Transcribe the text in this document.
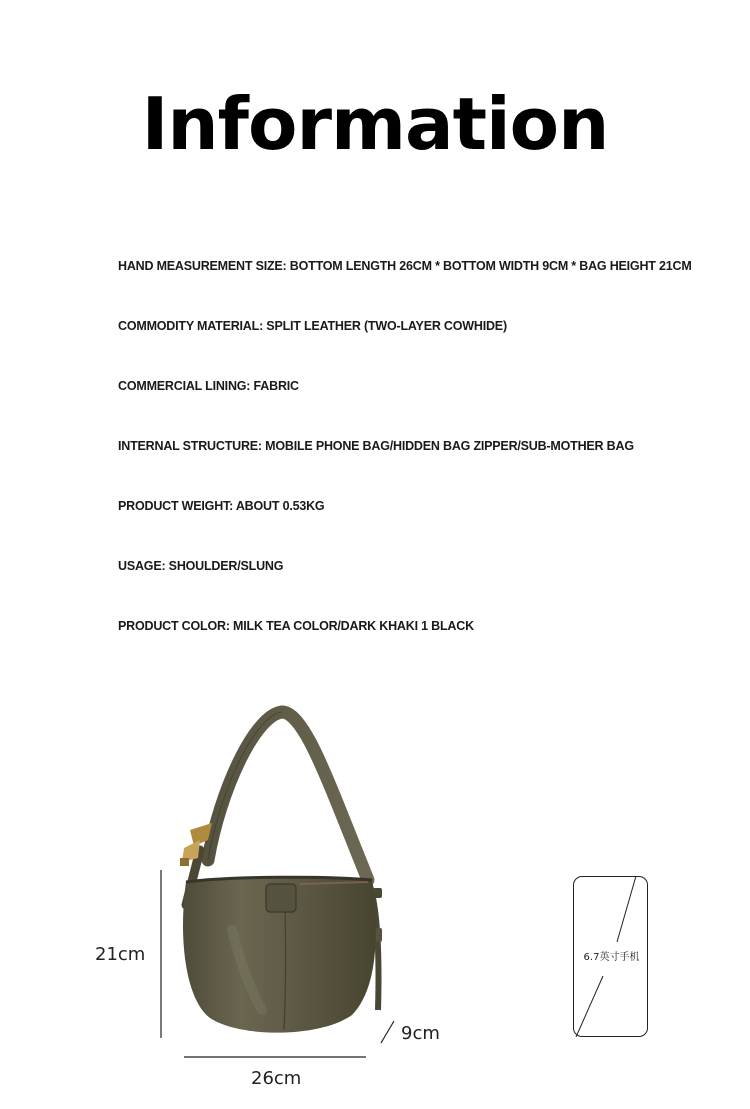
Information
HAND MEASUREMENT SIZE: BOTTOM LENGTH 26CM * BOTTOM WIDTH 9CM * BAG HEIGHT 21CM
COMMODITY MATERIAL: SPLIT LEATHER (TWO-LAYER COWHIDE)
COMMERCIAL LINING: FABRIC
INTERNAL STRUCTURE: MOBILE PHONE BAG/HIDDEN BAG ZIPPER/SUB-MOTHER BAG
PRODUCT WEIGHT: ABOUT 0.53KG
USAGE: SHOULDER/SLUNG
PRODUCT COLOR: MILK TEA COLOR/DARK KHAKI 1 BLACK
21cm
9cm
26cm
6.7英寸手机
